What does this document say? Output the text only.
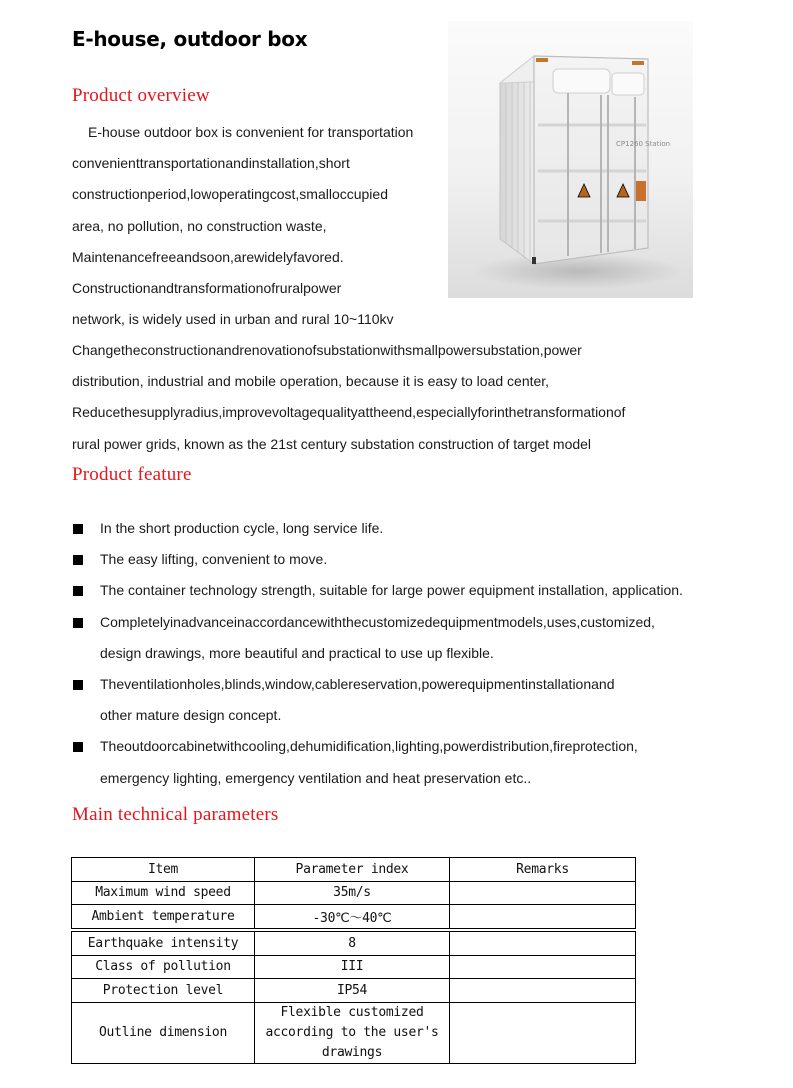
E-house, outdoor box
Product overview
E-house outdoor box is convenient for transportation
convenienttransportationandinstallation,short
constructionperiod,lowoperatingcost,smalloccupied
area, no pollution, no construction waste,
Maintenancefreeandsoon,arewidelyfavored.
Constructionandtransformationofruralpower
network, is widely used in urban and rural 10~110kv
Changetheconstructionandrenovationofsubstationwithsmallpowersubstation,power
distribution, industrial and mobile operation, because it is easy to load center,
Reducethesupplyradius,improvevoltagequalityattheend,especiallyforinthetransformationof
rural power grids, known as the 21st century substation construction of target model
CP1260 Station
Product feature
In the short production cycle, long service life.
The easy lifting, convenient to move.
The container technology strength, suitable for large power equipment installation, application.
Completelyinadvanceinaccordancewiththecustomizedequipmentmodels,uses,customized,
design drawings, more beautiful and practical to use up flexible.
Theventilationholes,blinds,window,cablereservation,powerequipmentinstallationand
other mature design concept.
Theoutdoorcabinetwithcooling,dehumidification,lighting,powerdistribution,fireprotection,
emergency lighting, emergency ventilation and heat preservation etc..
Main technical parameters
Item	Parameter index	Remarks
Maximum wind speed	35m/s	
Ambient temperature	-30℃～40℃	
Earthquake intensity	8	
Class of pollution	III	
Protection level	IP54	
Outline dimension	Flexible customized according to the user's drawings	
